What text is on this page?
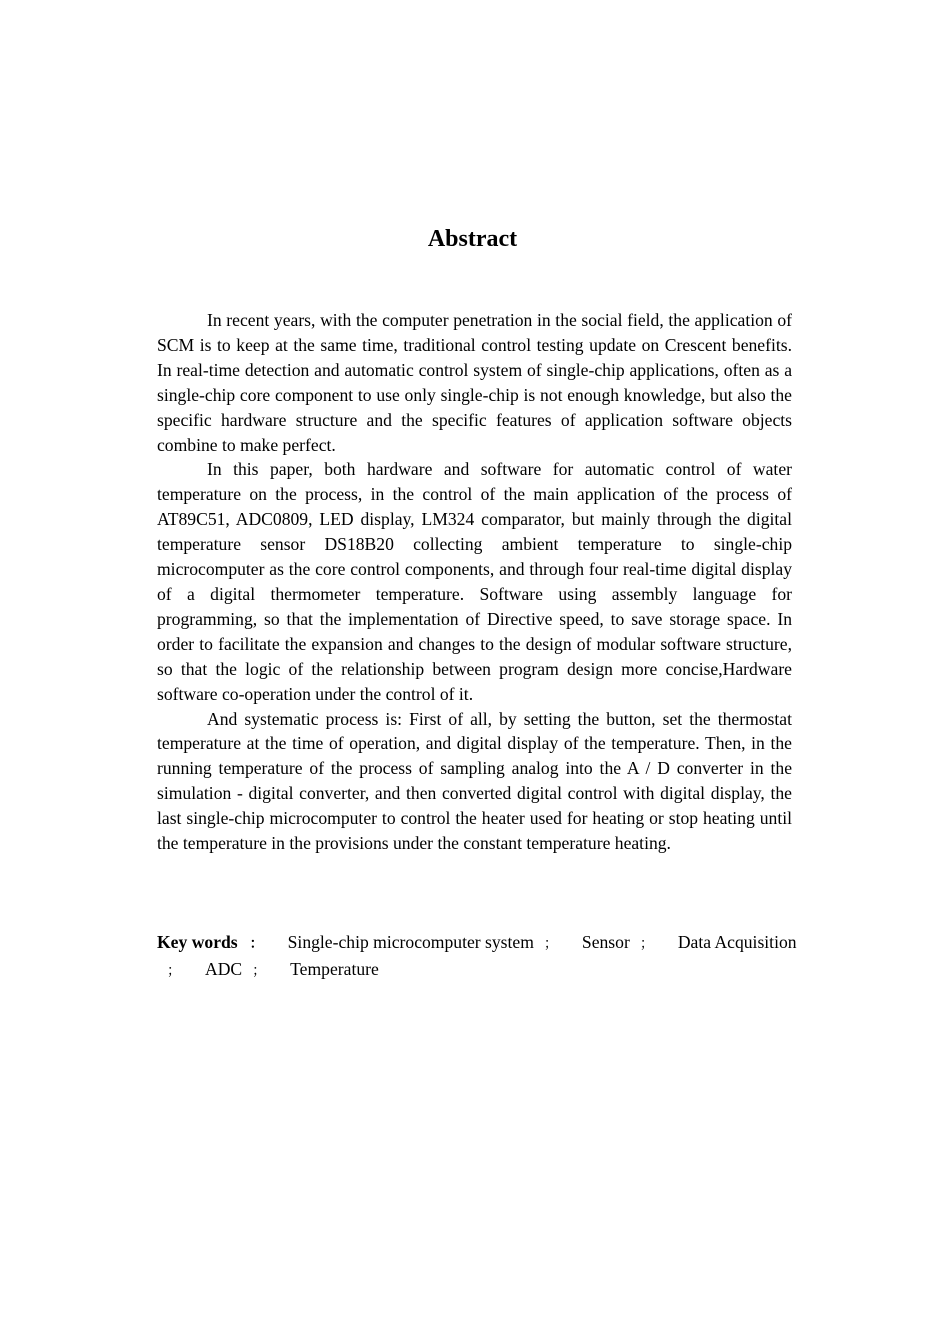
Abstract

In recent years, with the computer penetration in the social field, the application of SCM is to keep at the same time, traditional control testing update on Crescent benefits. In real-time detection and automatic control system of single-chip applications, often as a single-chip core component to use only single-chip is not enough knowledge, but also the specific hardware structure and the specific features of application software objects combine to make perfect.

In this paper, both hardware and software for automatic control of water temperature on the process, in the control of the main application of the process of AT89C51, ADC0809, LED display, LM324 comparator, but mainly through the digital temperature sensor DS18B20 collecting ambient temperature to single-chip microcomputer as the core control components, and through four real-time digital display of a digital thermometer temperature. Software using assembly language for programming, so that the implementation of Directive speed, to save storage space. In order to facilitate the expansion and changes to the design of modular software structure, so that the logic of the relationship between program design more concise,Hardware software co-operation under the control of it.

And systematic process is: First of all, by setting the button, set the thermostat temperature at the time of operation, and digital display of the temperature. Then, in the running temperature of the process of sampling analog into the A / D converter in the simulation - digital converter, and then converted digital control with digital display, the last single-chip microcomputer to control the heater used for heating or stop heating until the temperature in the provisions under the constant temperature heating.

Key words ： Single-chip microcomputer system ； Sensor ； Data Acquisition； ADC ； Temperature
